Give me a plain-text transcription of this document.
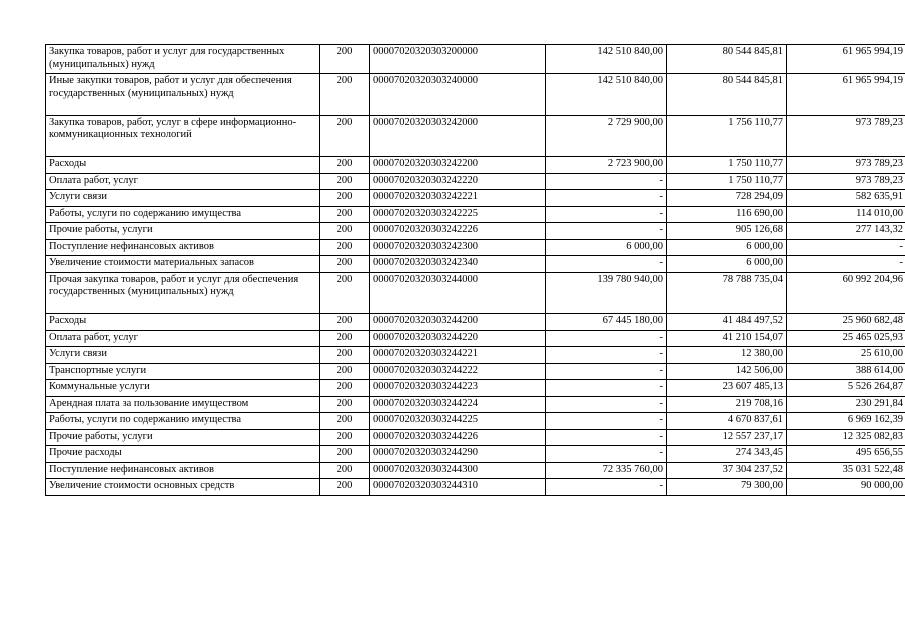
Закупка товаров, работ и услуг для государственных (муниципальных) нужд	200	00007020320303200000	142 510 840,00	80 544 845,81	61 965 994,19
Иные закупки товаров, работ и услуг для обеспечения государственных (муниципальных) нужд	200	00007020320303240000	142 510 840,00	80 544 845,81	61 965 994,19
Закупка товаров, работ, услуг в сфере информационно-коммуникационных технологий	200	00007020320303242000	2 729 900,00	1 756 110,77	973 789,23
Расходы	200	00007020320303242200	2 723 900,00	1 750 110,77	973 789,23
Оплата работ, услуг	200	00007020320303242220	-	1 750 110,77	973 789,23
Услуги связи	200	00007020320303242221	-	728 294,09	582 635,91
Работы, услуги по содержанию имущества	200	00007020320303242225	-	116 690,00	114 010,00
Прочие работы, услуги	200	00007020320303242226	-	905 126,68	277 143,32
Поступление нефинансовых активов	200	00007020320303242300	6 000,00	6 000,00	-
Увеличение стоимости материальных запасов	200	00007020320303242340	-	6 000,00	-
Прочая закупка товаров, работ и услуг для обеспечения государственных (муниципальных) нужд	200	00007020320303244000	139 780 940,00	78 788 735,04	60 992 204,96
Расходы	200	00007020320303244200	67 445 180,00	41 484 497,52	25 960 682,48
Оплата работ, услуг	200	00007020320303244220	-	41 210 154,07	25 465 025,93
Услуги связи	200	00007020320303244221	-	12 380,00	25 610,00
Транспортные услуги	200	00007020320303244222	-	142 506,00	388 614,00
Коммунальные услуги	200	00007020320303244223	-	23 607 485,13	5 526 264,87
Арендная плата за пользование имуществом	200	00007020320303244224	-	219 708,16	230 291,84
Работы, услуги по содержанию имущества	200	00007020320303244225	-	4 670 837,61	6 969 162,39
Прочие работы, услуги	200	00007020320303244226	-	12 557 237,17	12 325 082,83
Прочие расходы	200	00007020320303244290	-	274 343,45	495 656,55
Поступление нефинансовых активов	200	00007020320303244300	72 335 760,00	37 304 237,52	35 031 522,48
Увеличение стоимости основных средств	200	00007020320303244310	-	79 300,00	90 000,00
